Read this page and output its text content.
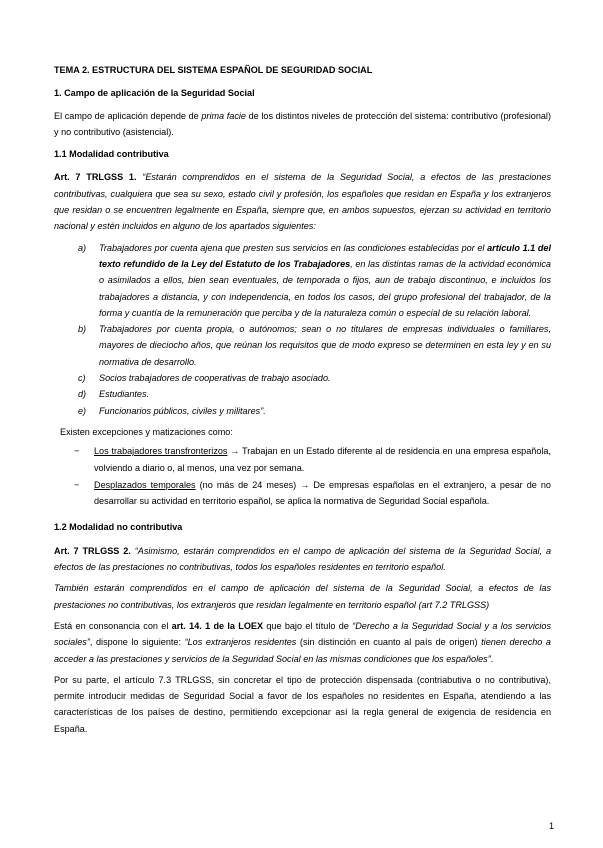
TEMA 2. ESTRUCTURA DEL SISTEMA ESPAÑOL DE SEGURIDAD SOCIAL

1. Campo de aplicación de la Seguridad Social

El campo de aplicación depende de prima facie de los distintos niveles de protección del sistema: contributivo (profesional) y no contributivo (asistencial).

1.1 Modalidad contributiva

Art. 7 TRLGSS 1. “Estarán comprendidos en el sistema de la Seguridad Social, a efectos de las prestaciones contributivas, cualquiera que sea su sexo, estado civil y profesión, los españoles que residan en España y los extranjeros que residan o se encuentren legalmente en España, siempre que, en ambos supuestos, ejerzan su actividad en territorio nacional y estén incluidos en alguno de los apartados siguientes:

a) Trabajadores por cuenta ajena que presten sus servicios en las condiciones establecidas por el artículo 1.1 del texto refundido de la Ley del Estatuto de los Trabajadores, en las distintas ramas de la actividad económica o asimilados a ellos, bien sean eventuales, de temporada o fijos, aun de trabajo discontinuo, e incluidos los trabajadores a distancia, y con independencia, en todos los casos, del grupo profesional del trabajador, de la forma y cuantía de la remuneración que perciba y de la naturaleza común o especial de su relación laboral.
b) Trabajadores por cuenta propia, o autónomos; sean o no titulares de empresas individuales o familiares, mayores de dieciocho años, que reúnan los requisitos que de modo expreso se determinen en esta ley y en su normativa de desarrollo.
c) Socios trabajadores de cooperativas de trabajo asociado.
d) Estudiantes.
e) Funcionarios públicos, civiles y militares”.

Existen excepciones y matizaciones como:

− Los trabajadores transfronterizos → Trabajan en un Estado diferente al de residencia en una empresa española, volviendo a diario o, al menos, una vez por semana.
− Desplazados temporales (no más de 24 meses) → De empresas españolas en el extranjero, a pesar de no desarrollar su actividad en territorio español, se aplica la normativa de Seguridad Social española.

1.2 Modalidad no contributiva

Art. 7 TRLGSS 2. “Asimismo, estarán comprendidos en el campo de aplicación del sistema de la Seguridad Social, a efectos de las prestaciones no contributivas, todos los españoles residentes en territorio español.

También estarán comprendidos en el campo de aplicación del sistema de la Seguridad Social, a efectos de las prestaciones no contributivas, los extranjeros que residan legalmente en territorio español (art 7.2 TRLGSS)

Está en consonancia con el art. 14. 1 de la LOEX que bajo el título de “Derecho a la Seguridad Social y a los servicios sociales”, dispone lo siguiente: “Los extranjeros residentes (sin distinción en cuanto al país de origen) tienen derecho a acceder a las prestaciones y servicios de la Seguridad Social en las mismas condiciones que los españoles”.

Por su parte, el artículo 7.3 TRLGSS, sin concretar el tipo de protección dispensada (contriabutiva o no contributiva), permite introducir medidas de Seguridad Social a favor de los españoles no residentes en España, atendiendo a las características de los países de destino, permitiendo excepcionar así la regla general de exigencia de residencia en España.

1
